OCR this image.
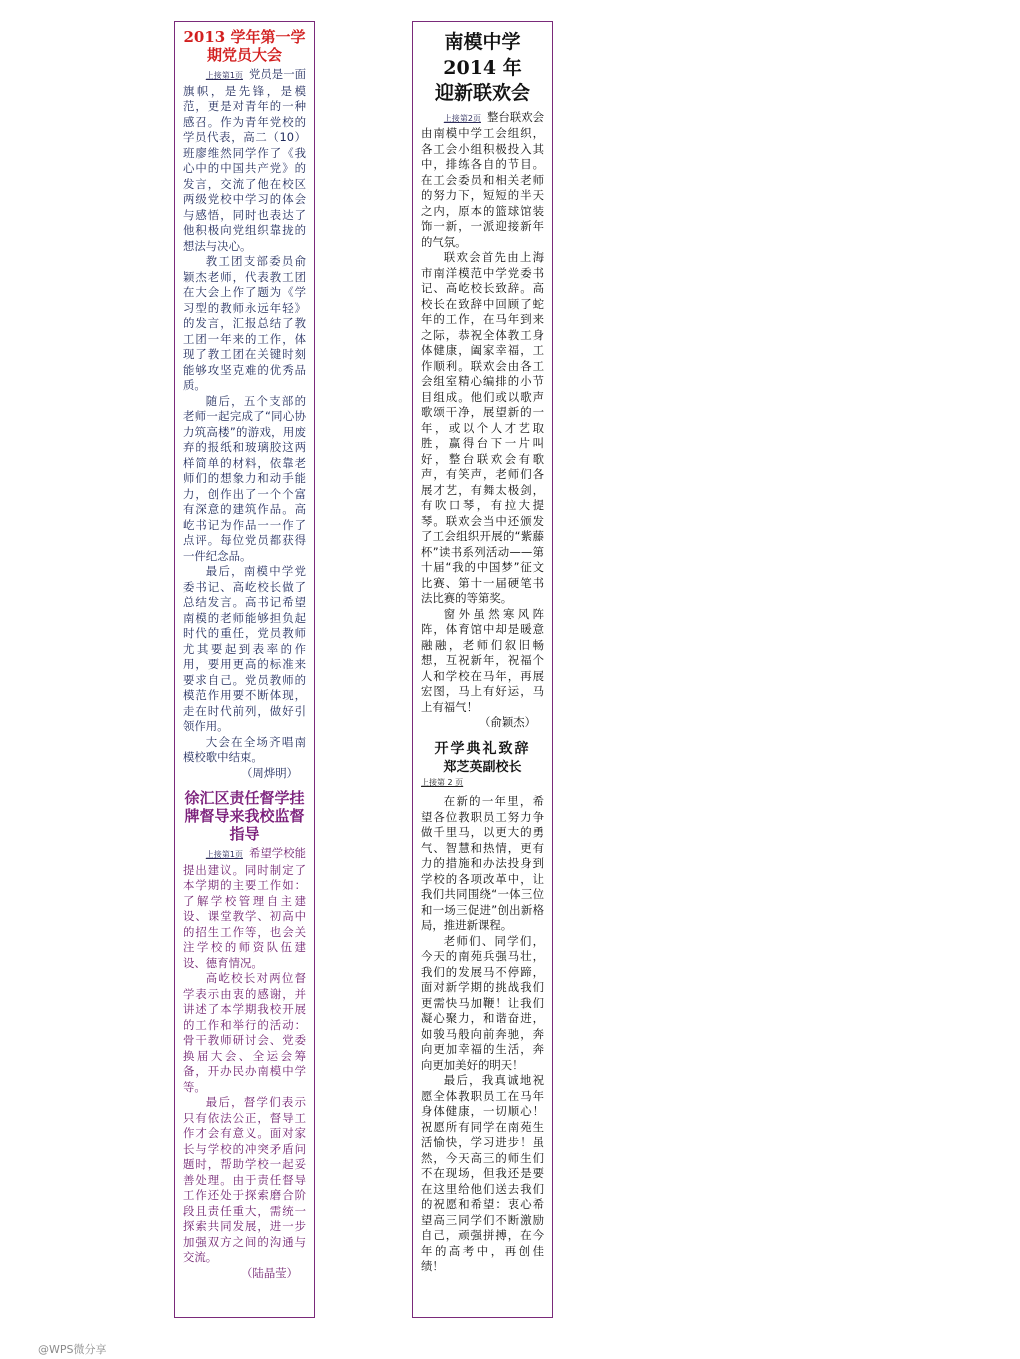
2013 学年第一学期党员大会

上接第1页 党员是一面旗帜，是先锋，是模范，更是对青年的一种感召。作为青年党校的学员代表，高二（10）班廖维然同学作了《我心中的中国共产党》的发言，交流了他在校区两级党校中学习的体会与感悟，同时也表达了他积极向党组织靠拢的想法与决心。

教工团支部委员俞颖杰老师，代表教工团在大会上作了题为《学习型的教师永远年轻》的发言，汇报总结了教工团一年来的工作，体现了教工团在关键时刻能够攻坚克难的优秀品质。

随后，五个支部的老师一起完成了“同心协力筑高楼”的游戏，用废弃的报纸和玻璃胶这两样简单的材料，依靠老师们的想象力和动手能力，创作出了一个个富有深意的建筑作品。高屹书记为作品一一作了点评。每位党员都获得一件纪念品。

最后，南模中学党委书记、高屹校长做了总结发言。高书记希望南模的老师能够担负起时代的重任，党员教师尤其要起到表率的作用，要用更高的标准来要求自己。党员教师的模范作用要不断体现，走在时代前列，做好引领作用。

大会在全场齐唱南模校歌中结束。

（周烨明）
徐汇区责任督学挂牌督导来我校监督指导

上接第1页 希望学校能提出建议。同时制定了本学期的主要工作如：了解学校管理自主建设、课堂教学、初高中的招生工作等，也会关注学校的师资队伍建设、德育情况。

高屹校长对两位督学表示由衷的感谢，并讲述了本学期我校开展的工作和举行的活动：骨干教师研讨会、党委换届大会、全运会筹备，开办民办南模中学等。

最后，督学们表示只有依法公正，督导工作才会有意义。面对家长与学校的冲突矛盾问题时，帮助学校一起妥善处理。由于责任督导工作还处于探索磨合阶段且责任重大，需统一探索共同发展，进一步加强双方之间的沟通与交流。

（陆晶莹）
南模中学
2014 年
迎新联欢会

上接第2页 整台联欢会由南模中学工会组织，各工会小组积极投入其中，排练各自的节目。在工会委员和相关老师的努力下，短短的半天之内，原本的篮球馆装饰一新，一派迎接新年的气氛。

联欢会首先由上海市南洋模范中学党委书记、高屹校长致辞。高校长在致辞中回顾了蛇年的工作，在马年到来之际，恭祝全体教工身体健康，阖家幸福，工作顺利。联欢会由各工会组室精心编排的小节目组成。他们或以歌声歌颂干净，展望新的一年，或以个人才艺取胜，赢得台下一片叫好，整台联欢会有歌声，有笑声，老师们各展才艺，有舞太极剑，有吹口琴，有拉大提琴。联欢会当中还颁发了工会组织开展的“紫藤杯”读书系列活动——第十届“我的中国梦”征文比赛、第十一届硬笔书法比赛的等第奖。

窗外虽然寒风阵阵，体育馆中却是暖意融融，老师们叙旧畅想，互祝新年，祝福个人和学校在马年，再展宏图，马上有好运，马上有福气！

（俞颖杰）
开学典礼致辞
郑芝英副校长
上接第 2 页

在新的一年里，希望各位教职员工努力争做千里马，以更大的勇气、智慧和热情，更有力的措施和办法投身到学校的各项改革中，让我们共同围绕“一体三位和一场三促进”创出新格局，推进新课程。

老师们、同学们，今天的南苑兵强马壮，我们的发展马不停蹄，面对新学期的挑战我们更需快马加鞭！让我们凝心聚力，和谐奋进，如骏马般向前奔驰，奔向更加幸福的生活，奔向更加美好的明天！

最后，我真诚地祝愿全体教职员工在马年身体健康，一切顺心！祝愿所有同学在南苑生活愉快，学习进步！虽然，今天高三的师生们不在现场，但我还是要在这里给他们送去我们的祝愿和希望：衷心希望高三同学们不断激励自己，顽强拼搏，在今年的高考中，再创佳绩！

@WPS微分享
